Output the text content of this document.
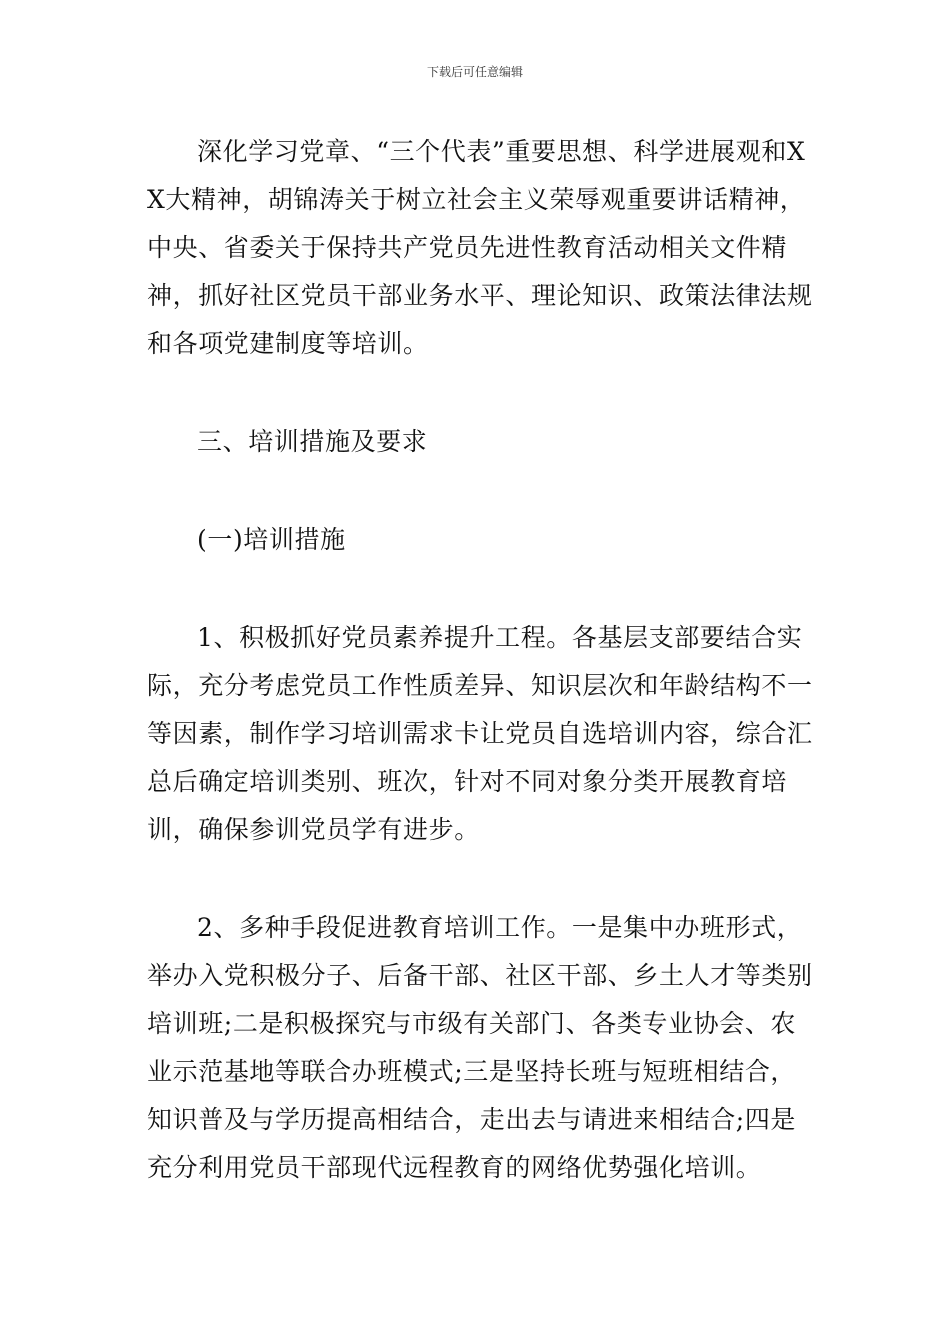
下载后可任意编辑

深化学习党章、“三个代表”重要思想、科学进展观和XX大精神，胡锦涛关于树立社会主义荣辱观重要讲话精神，中央、省委关于保持共产党员先进性教育活动相关文件精神，抓好社区党员干部业务水平、理论知识、政策法律法规和各项党建制度等培训。

三、培训措施及要求

(一)培训措施

1、积极抓好党员素养提升工程。各基层支部要结合实际，充分考虑党员工作性质差异、知识层次和年龄结构不一等因素，制作学习培训需求卡让党员自选培训内容，综合汇总后确定培训类别、班次，针对不同对象分类开展教育培训，确保参训党员学有进步。

2、多种手段促进教育培训工作。一是集中办班形式，举办入党积极分子、后备干部、社区干部、乡土人才等类别培训班;二是积极探究与市级有关部门、各类专业协会、农业示范基地等联合办班模式;三是坚持长班与短班相结合，知识普及与学历提高相结合，走出去与请进来相结合;四是充分利用党员干部现代远程教育的网络优势强化培训。
